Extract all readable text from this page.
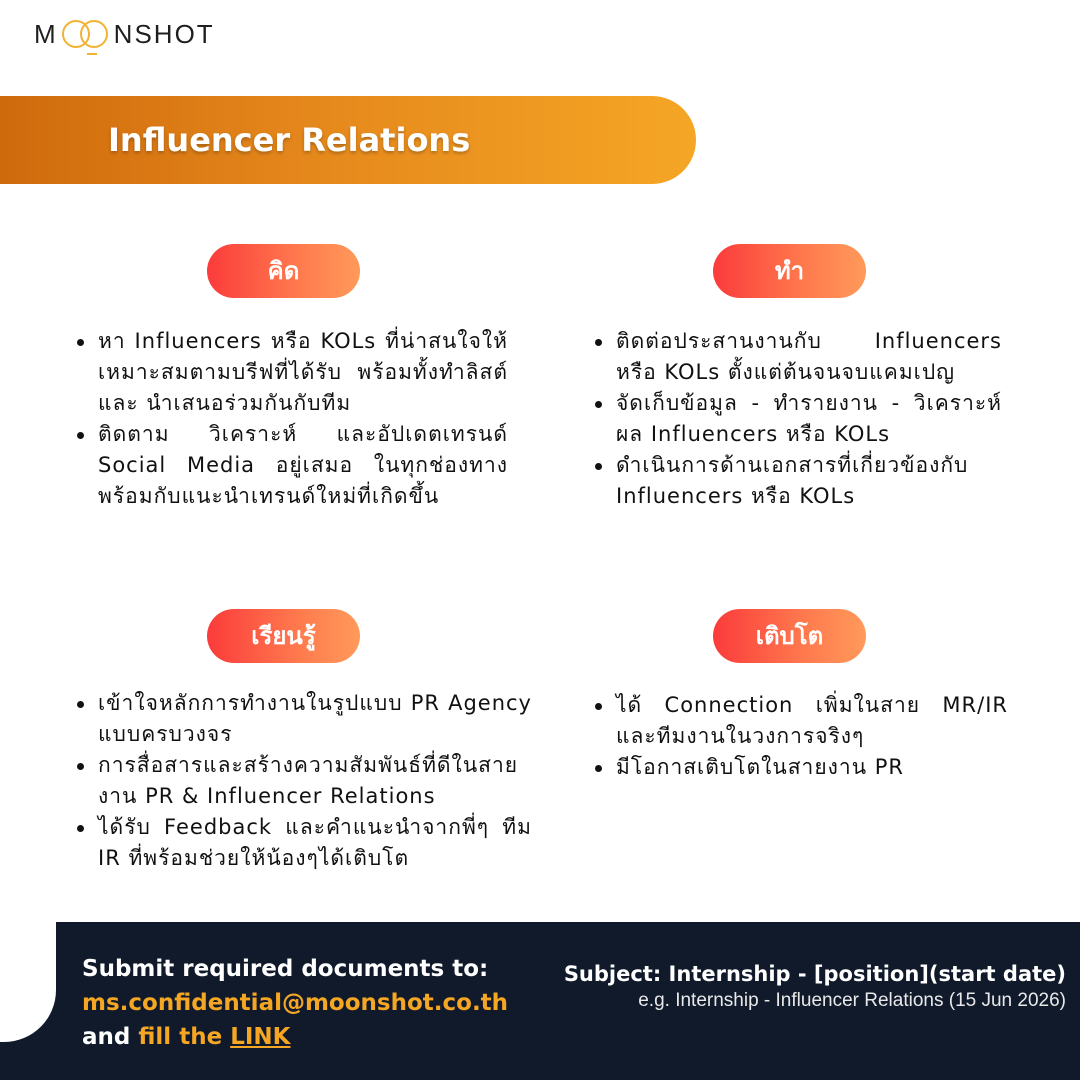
M NSHOT
Influencer Relations
คิด
หา Influencers หรือ KOLs ที่น่าสนใจให้เหมาะสมตามบรีฟที่ได้รับ พร้อมทั้งทำลิสต์และ นำเสนอร่วมกันกับทีม
ติดตาม วิเคราะห์ และอัปเดตเทรนด์ Social Media อยู่เสมอ ในทุกช่องทางพร้อมกับแนะนำเทรนด์ใหม่ที่เกิดขึ้น
ทำ
ติดต่อประสานงานกับ Influencers หรือ KOLs ตั้งแต่ต้นจนจบแคมเปญ
จัดเก็บข้อมูล - ทำรายงาน - วิเคราะห์ผล Influencers หรือ KOLs
ดำเนินการด้านเอกสารที่เกี่ยวข้องกับ Influencers หรือ KOLs
เรียนรู้
เข้าใจหลักการทำงานในรูปแบบ PR Agency แบบครบวงจร
การสื่อสารและสร้างความสัมพันธ์ที่ดีในสายงาน PR & Influencer Relations
ได้รับ Feedback และคำแนะนำจากพี่ๆ ทีม IR ที่พร้อมช่วยให้น้องๆได้เติบโต
เติบโต
ได้ Connection เพิ่มในสาย MR/IR และทีมงานในวงการจริงๆ
มีโอกาสเติบโตในสายงาน PR
Submit required documents to:
ms.confidential@moonshot.co.th
and fill the LINK
Subject: Internship - [position](start date)
e.g. Internship - Influencer Relations (15 Jun 2026)
